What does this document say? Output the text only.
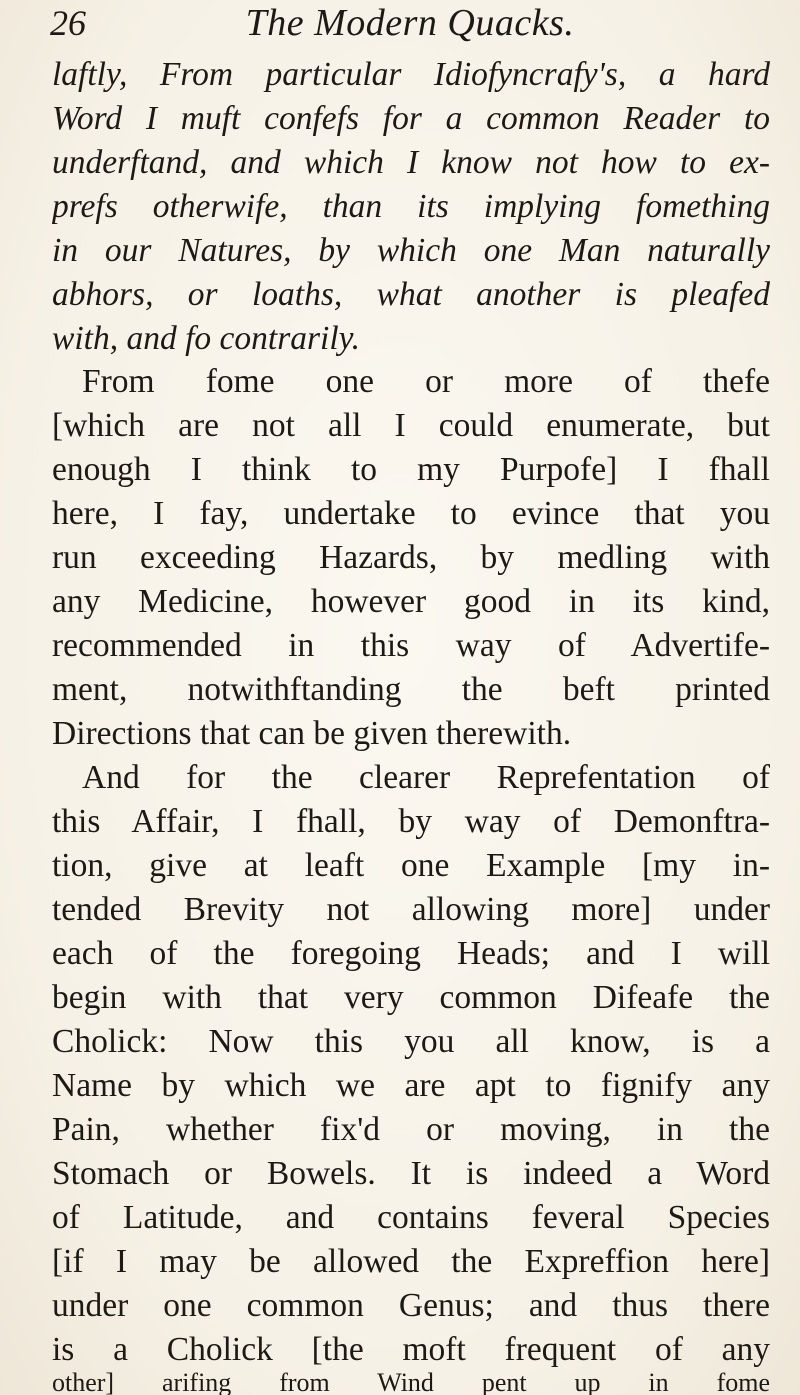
26	The Modern Quacks.
laftly, From particular Idiofyncrafy's, a hard
Word I muft confefs for a common Reader to
underftand, and which I know not how to ex-
prefs otherwife, than its implying fomething
in our Natures, by which one Man naturally
abhors, or loaths, what another is pleafed
with, and fo contrarily.
From fome one or more of thefe
[which are not all I could enumerate, but
enough I think to my Purpofe] I fhall
here, I fay, undertake to evince that you
run exceeding Hazards, by medling with
any Medicine, however good in its kind,
recommended in this way of Advertife-
ment, notwithftanding the beft printed
Directions that can be given therewith.
And for the clearer Reprefentation of
this Affair, I fhall, by way of Demonftra-
tion, give at leaft one Example [my in-
tended Brevity not allowing more] under
each of the foregoing Heads; and I will
begin with that very common Difeafe the
Cholick: Now this you all know, is a
Name by which we are apt to fignify any
Pain, whether fix'd or moving, in the
Stomach or Bowels. It is indeed a Word
of Latitude, and contains feveral Species
[if I may be allowed the Expreffion here]
under one common Genus; and thus there
is a Cholick [the moft frequent of any
other] arifing from Wind pent up in fome
